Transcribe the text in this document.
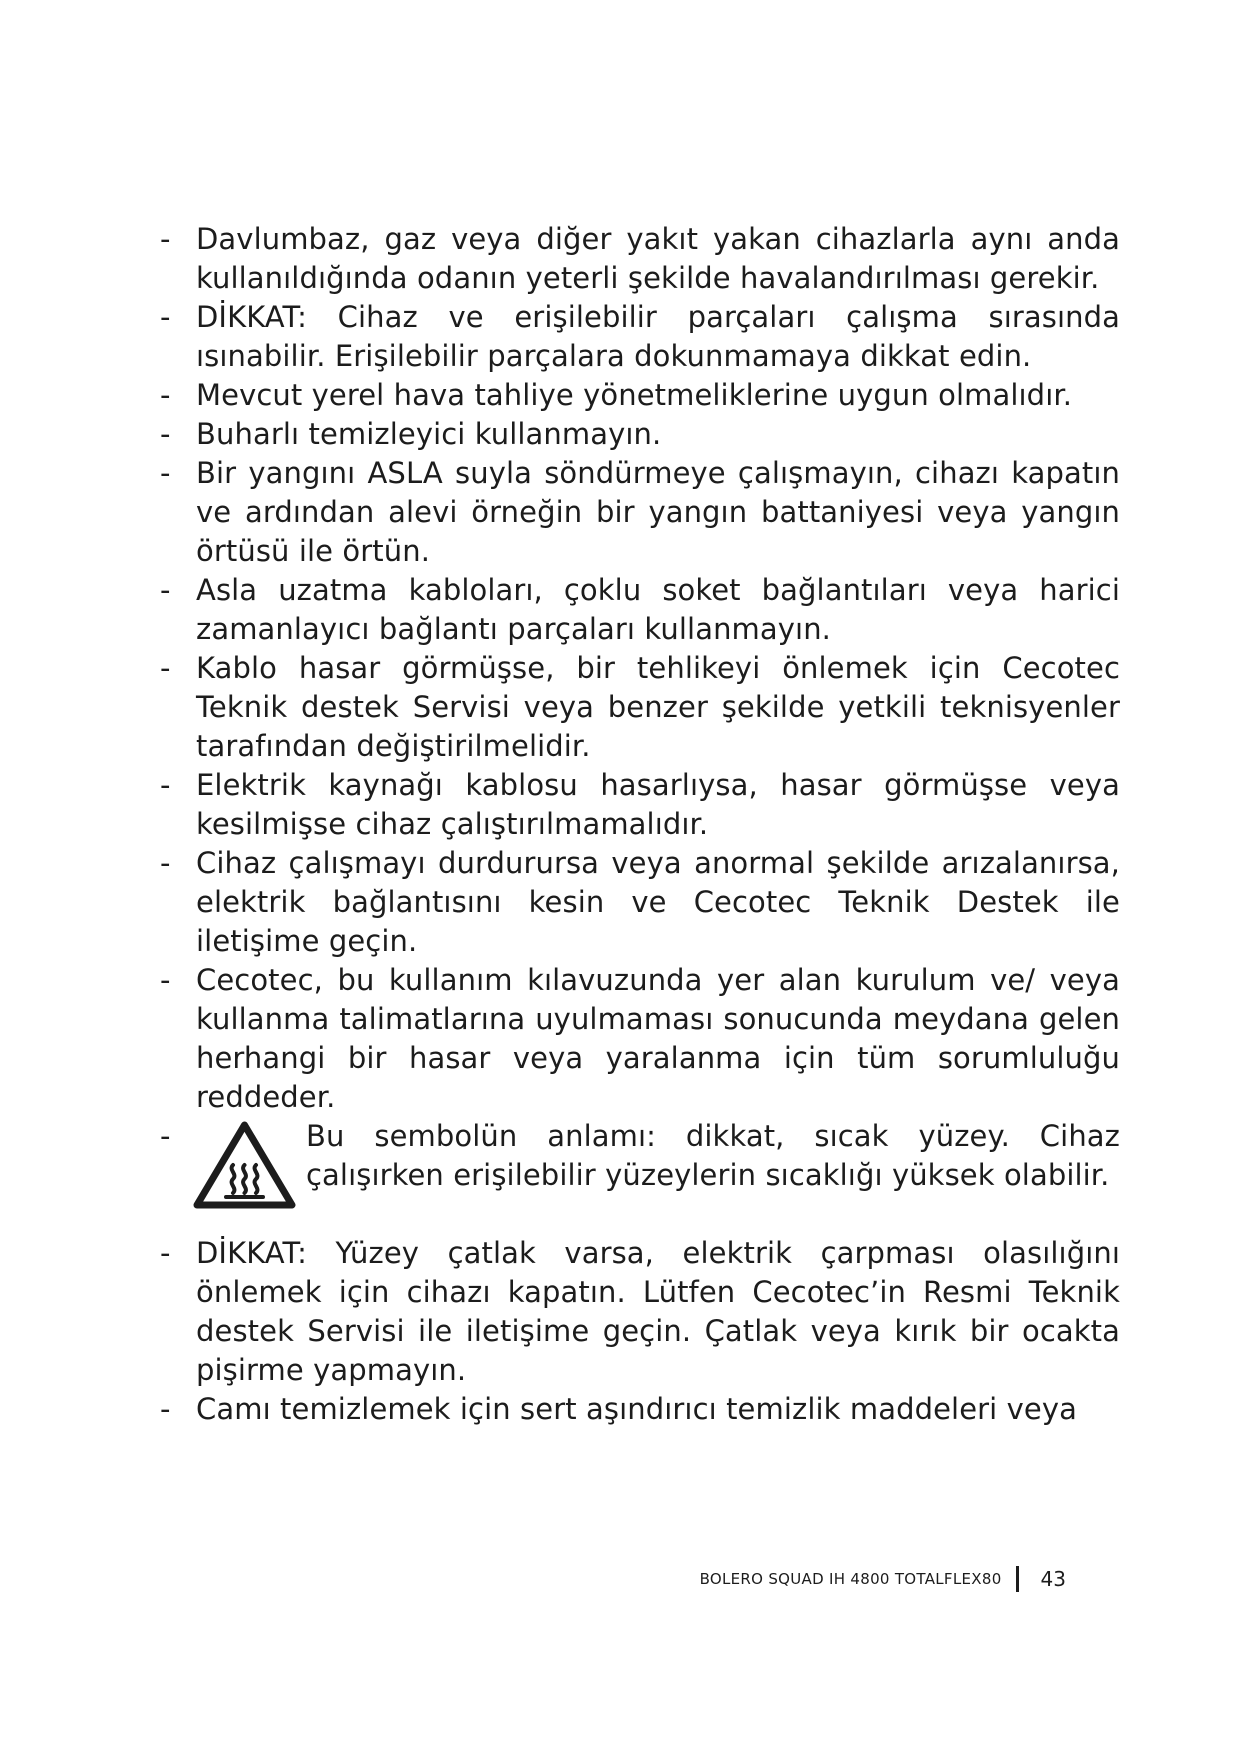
- Davlumbaz, gaz veya diğer yakıt yakan cihazlarla aynı anda kullanıldığında odanın yeterli şekilde havalandırılması gerekir.
- DİKKAT: Cihaz ve erişilebilir parçaları çalışma sırasında ısınabilir. Erişilebilir parçalara dokunmamaya dikkat edin.
- Mevcut yerel hava tahliye yönetmeliklerine uygun olmalıdır.
- Buharlı temizleyici kullanmayın.
- Bir yangını ASLA suyla söndürmeye çalışmayın, cihazı kapatın ve ardından alevi örneğin bir yangın battaniyesi veya yangın örtüsü ile örtün.
- Asla uzatma kabloları, çoklu soket bağlantıları veya harici zamanlayıcı bağlantı parçaları kullanmayın.
- Kablo hasar görmüşse, bir tehlikeyi önlemek için Cecotec Teknik destek Servisi veya benzer şekilde yetkili teknisyenler tarafından değiştirilmelidir.
- Elektrik kaynağı kablosu hasarlıysa, hasar görmüşse veya kesilmişse cihaz çalıştırılmamalıdır.
- Cihaz çalışmayı durdurursa veya anormal şekilde arızalanırsa, elektrik bağlantısını kesin ve Cecotec Teknik Destek ile iletişime geçin.
- Cecotec, bu kullanım kılavuzunda yer alan kurulum ve/ veya kullanma talimatlarına uyulmaması sonucunda meydana gelen herhangi bir hasar veya yaralanma için tüm sorumluluğu reddeder.
-	Bu sembolün anlamı: dikkat, sıcak yüzey. Cihaz çalışırken erişilebilir yüzeylerin sıcaklığı yüksek olabilir.
- DİKKAT: Yüzey çatlak varsa, elektrik çarpması olasılığını önlemek için cihazı kapatın. Lütfen Cecotec’in Resmi Teknik destek Servisi ile iletişime geçin. Çatlak veya kırık bir ocakta pişirme yapmayın.
- Camı temizlemek için sert aşındırıcı temizlik maddeleri veya
BOLERO SQUAD IH 4800 TOTALFLEX80 43
